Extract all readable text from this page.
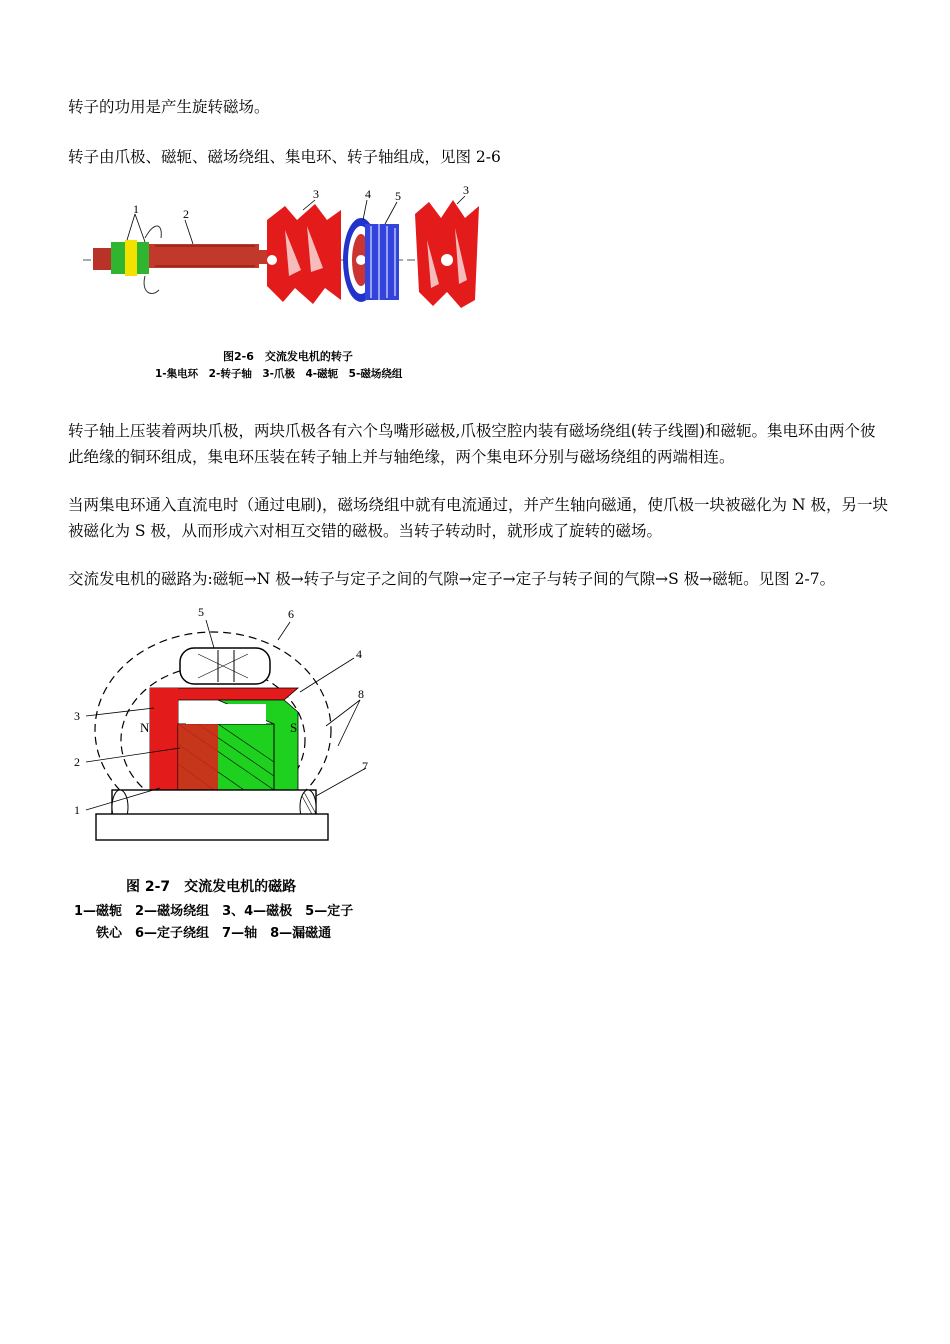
转子的功用是产生旋转磁场。

转子由爪极、磁轭、磁场绕组、集电环、转子轴组成，见图 2-6

1	2
3	4 5	3
图2-6　交流发电机的转子
1-集电环　2-转子轴　3-爪极　4-磁轭　5-磁场绕组

转子轴上压装着两块爪极，两块爪极各有六个鸟嘴形磁极,爪极空腔内装有磁场绕组(转子线圈)和磁轭。集电环由两个彼此绝缘的铜环组成，集电环压装在转子轴上并与轴绝缘，两个集电环分别与磁场绕组的两端相连。

当两集电环通入直流电时（通过电刷)，磁场绕组中就有电流通过，并产生轴向磁通，使爪极一块被磁化为 N 极，另一块被磁化为 S 极，从而形成六对相互交错的磁极。当转子转动时，就形成了旋转的磁场。

交流发电机的磁路为:磁轭→N 极→转子与定子之间的气隙→定子→定子与转子间的气隙→S 极→磁轭。见图 2-7。

N	S
5	6
4
8
3
2
1
7
图 2-7　交流发电机的磁路
1—磁轭　2—磁场绕组　3、4—磁极　5—定子
铁心　6—定子绕组　7—轴　8—漏磁通
